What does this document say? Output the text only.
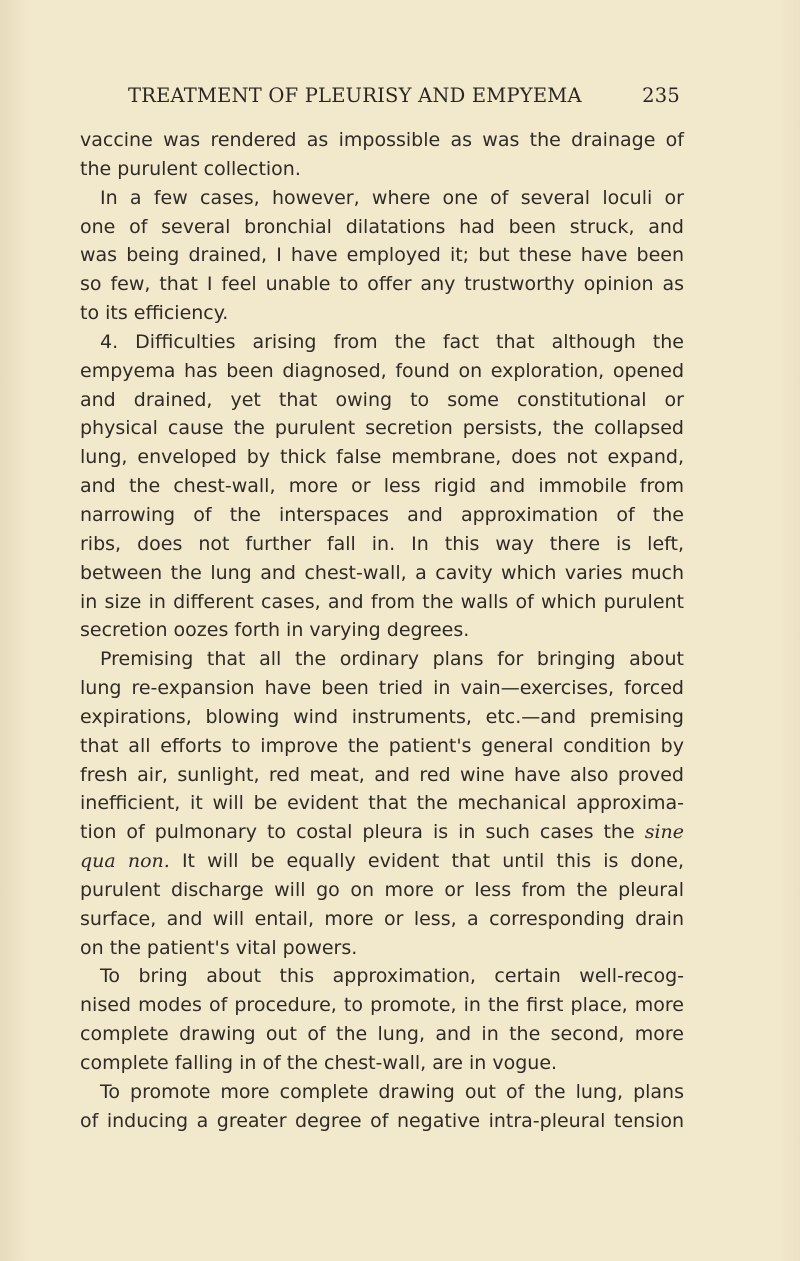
TREATMENT OF PLEURISY AND EMPYEMA	235
vaccine was rendered as impossible as was the drainage of
the purulent collection.
In a few cases, however, where one of several loculi or
one of several bronchial dilatations had been struck, and
was being drained, I have employed it; but these have been
so few, that I feel unable to offer any trustworthy opinion as
to its efficiency.
4. Difficulties arising from the fact that although the
empyema has been diagnosed, found on exploration, opened
and drained, yet that owing to some constitutional or
physical cause the purulent secretion persists, the collapsed
lung, enveloped by thick false membrane, does not expand,
and the chest-wall, more or less rigid and immobile from
narrowing of the interspaces and approximation of the
ribs, does not further fall in. In this way there is left,
between the lung and chest-wall, a cavity which varies much
in size in different cases, and from the walls of which purulent
secretion oozes forth in varying degrees.
Premising that all the ordinary plans for bringing about
lung re-expansion have been tried in vain—exercises, forced
expirations, blowing wind instruments, etc.—and premising
that all efforts to improve the patient's general condition by
fresh air, sunlight, red meat, and red wine have also proved
inefficient, it will be evident that the mechanical approxima-
tion of pulmonary to costal pleura is in such cases the sine
qua non. It will be equally evident that until this is done,
purulent discharge will go on more or less from the pleural
surface, and will entail, more or less, a corresponding drain
on the patient's vital powers.
To bring about this approximation, certain well-recog-
nised modes of procedure, to promote, in the first place, more
complete drawing out of the lung, and in the second, more
complete falling in of the chest-wall, are in vogue.
To promote more complete drawing out of the lung, plans
of inducing a greater degree of negative intra-pleural tension
